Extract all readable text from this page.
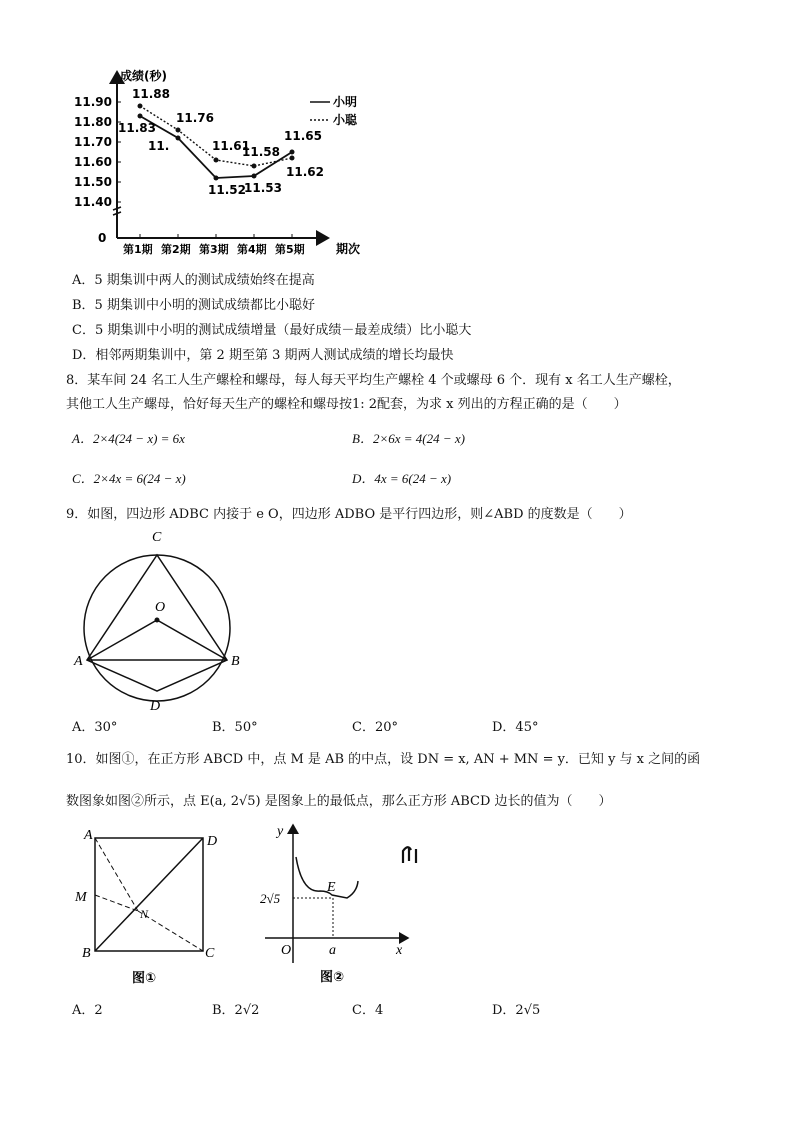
成绩(秒)
期次
0
11.90
11.80
11.70
11.60
11.50
11.40
第1期 第2期 第3期 第4期 第5期
11.83
11.
11.52
11.53
11.65
11.88
11.76
11.61
11.58
11.62
小明
小聪
A．5 期集训中两人的测试成绩始终在提高
B．5 期集训中小明的测试成绩都比小聪好
C．5 期集训中小明的测试成绩增量（最好成绩－最差成绩）比小聪大
D．相邻两期集训中，第 2 期至第 3 期两人测试成绩的增长均最快
8．某车间 24 名工人生产螺栓和螺母，每人每天平均生产螺栓 4 个或螺母 6 个．现有 x 名工人生产螺栓，
其他工人生产螺母，恰好每天生产的螺栓和螺母按1: 2配套，为求 x 列出的方程正确的是（　　）
A．2×4(24 − x) = 6x	B．2×6x = 4(24 − x)
C．2×4x = 6(24 − x)	D．4x = 6(24 − x)
9．如图，四边形 ADBC 内接于 e O，四边形 ADBO 是平行四边形，则∠ABD 的度数是（　　）
C
O
A	B
D
A．30°	B．50°	C．20°	D．45°
10．如图①，在正方形 ABCD 中，点 M 是 AB 的中点，设 DN = x, AN + MN = y．已知 y 与 x 之间的函
数图象如图②所示，点 E(a, 2√5) 是图象上的最低点，那么正方形 ABCD 边长的值为（　　）
A	D
M
N
B	C
图①
y
E
2√5
O	a	x
图②
A．2	B．2√2	C．4	D．2√5
